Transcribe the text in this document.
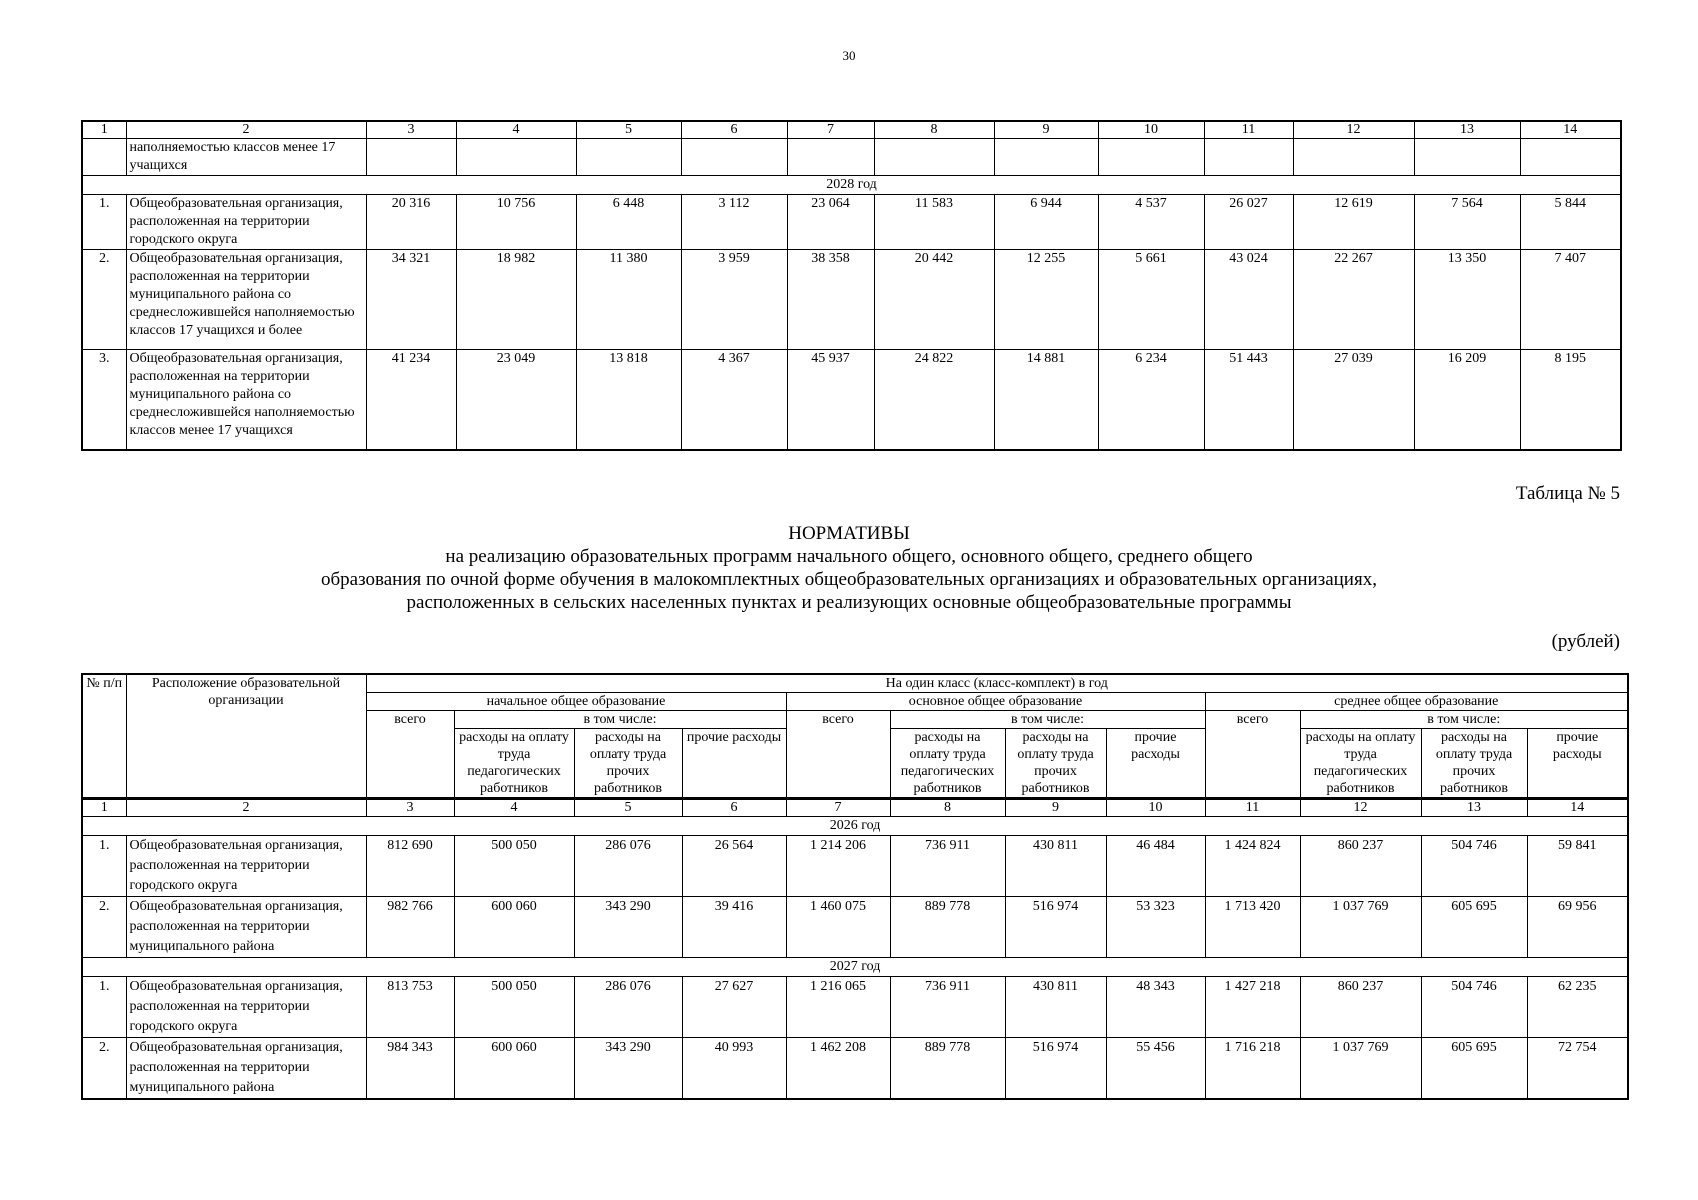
30
1	2	3	4	5	6	7	8	9	10	11	12	13	14
	наполняемостью классов менее 17 учащихся												
2028 год													
1.	Общеобразовательная организация, расположенная на территории городского округа	20 316	10 756	6 448	3 112	23 064	11 583	6 944	4 537	26 027	12 619	7 564	5 844
2.	Общеобразовательная организация, расположенная на территории муниципального района со среднесложившейся наполняемостью классов 17 учащихся и более	34 321	18 982	11 380	3 959	38 358	20 442	12 255	5 661	43 024	22 267	13 350	7 407
3.	Общеобразовательная организация, расположенная на территории муниципального района со среднесложившейся наполняемостью классов менее 17 учащихся	41 234	23 049	13 818	4 367	45 937	24 822	14 881	6 234	51 443	27 039	16 209	8 195
Таблица № 5
НОРМАТИВЫ
на реализацию образовательных программ начального общего, основного общего, среднего общего
образования по очной форме обучения в малокомплектных общеобразовательных организациях и образовательных организациях,
расположенных в сельских населенных пунктах и реализующих основные общеобразовательные программы
(рублей)
№ п/п	Расположение образовательной организации	На один класс (класс-комплект) в год											
		начальное общее образование				основное общее образование				среднее общее образование			
		всего	в том числе:			всего	в том числе:			всего	в том числе:		
			расходы на оплату труда педагогических работников	расходы на оплату труда прочих работников	прочие расходы		расходы на оплату труда педагогических работников	расходы на оплату труда прочих работников	прочие расходы		расходы на оплату труда педагогических работников	расходы на оплату труда прочих работников	прочие расходы
1	2	3	4	5	6	7	8	9	10	11	12	13	14
2026 год													
1.	Общеобразовательная организация, расположенная на территории городского округа	812 690	500 050	286 076	26 564	1 214 206	736 911	430 811	46 484	1 424 824	860 237	504 746	59 841
2.	Общеобразовательная организация, расположенная на территории муниципального района	982 766	600 060	343 290	39 416	1 460 075	889 778	516 974	53 323	1 713 420	1 037 769	605 695	69 956
2027 год													
1.	Общеобразовательная организация, расположенная на территории городского округа	813 753	500 050	286 076	27 627	1 216 065	736 911	430 811	48 343	1 427 218	860 237	504 746	62 235
2.	Общеобразовательная организация, расположенная на территории муниципального района	984 343	600 060	343 290	40 993	1 462 208	889 778	516 974	55 456	1 716 218	1 037 769	605 695	72 754
